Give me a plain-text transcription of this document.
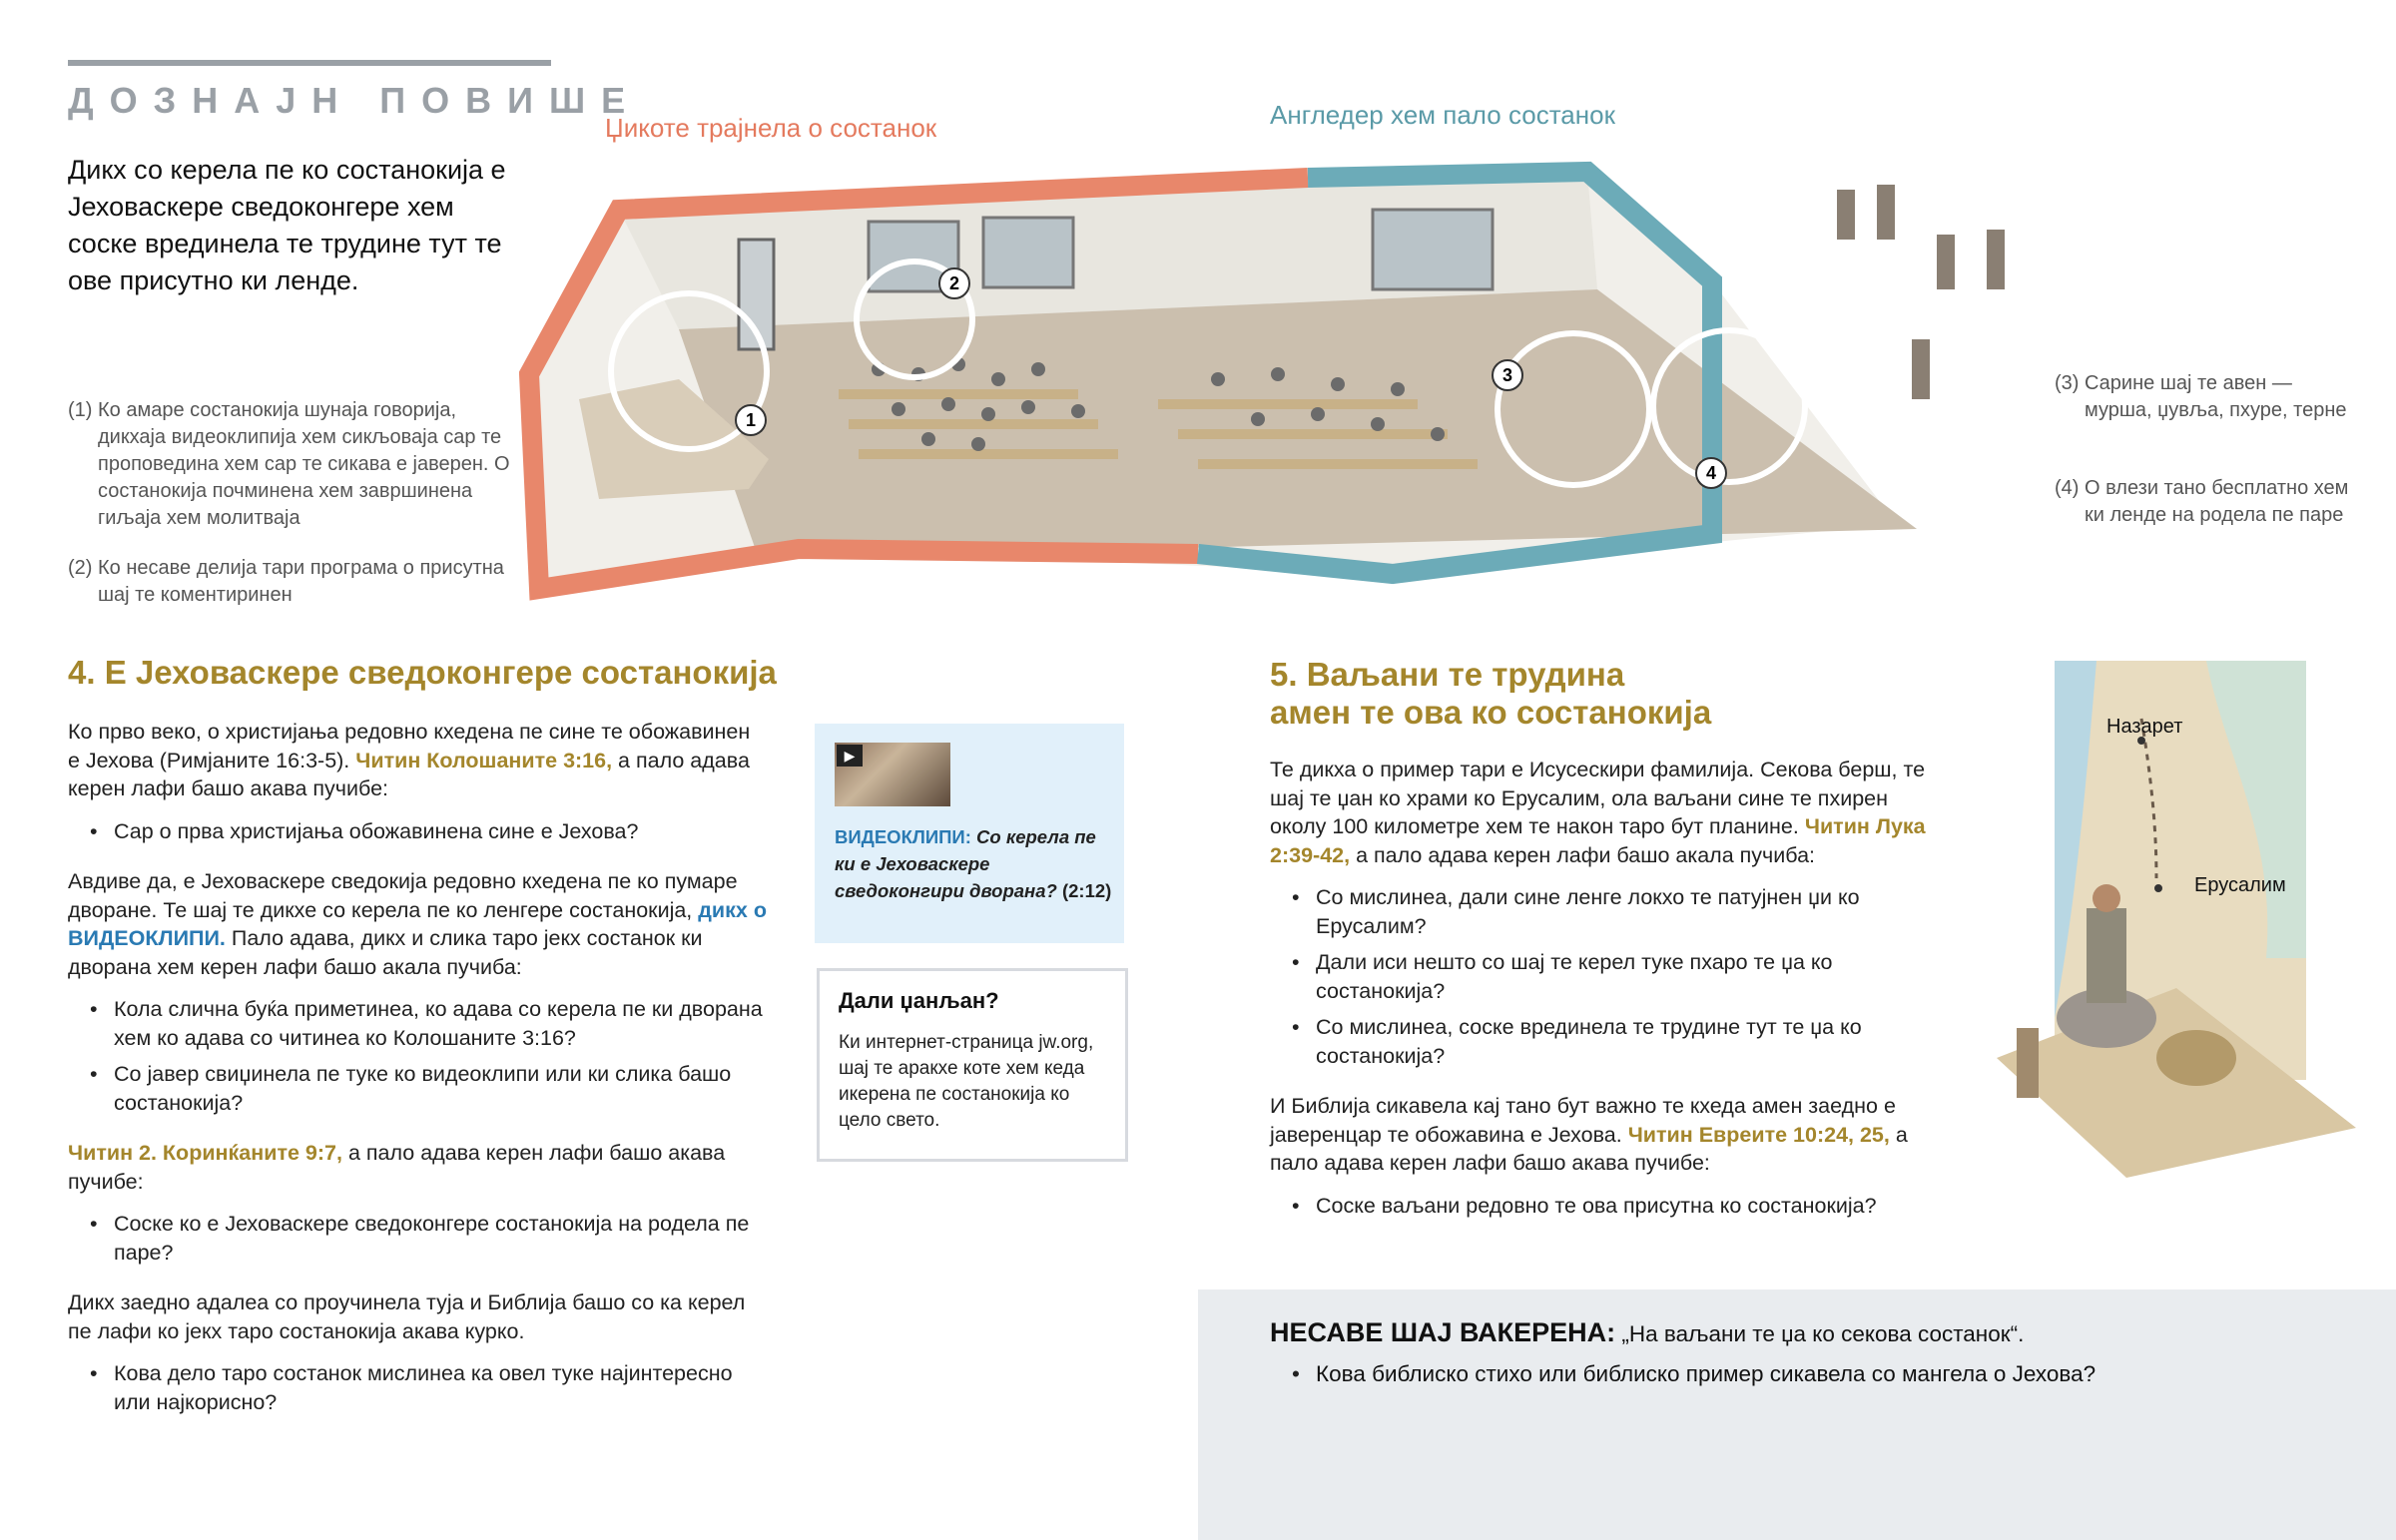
ДОЗНАЈН ПОВИШЕ
Дикх со керела пе ко состанокија е Јеховаскере сведоконгере хем соске врединела те трудине тут те ове присутно ки ленде.
Џикоте трајнела о состанок	Англедер хем пало состанок
1
2
3
4
(1) Ко амаре состанокија шунаја говорија, дикхаја видеоклипија хем сикљоваја сар те проповедина хем сар те сикава е јаверен. О состанокија почминена хем завршинена гиљаја хем молитваја
(2) Ко несаве делија тари програма о присутна шај те коментиринен
(3) Сарине шај те авен — мурша, џувља, пхуре, терне
(4) О влези тано бесплатно хем ки ленде на родела пе паре
4. Е Јеховаскере сведоконгере состанокија
Ко прво веко, о христијања редовно кхедена пе сине те обожавинен е Јехова (Римјаните 16:3-5). Читин Колошаните 3:16, а пало адава керен лафи башо акава пучибе:
• Сар о прва христијања обожавинена сине е Јехова?
Авдиве да, е Јеховаскере сведокија редовно кхедена пе ко пумаре дворане. Те шај те дикхе со керела пе ко ленгере состанокија, дикх о ВИДЕОКЛИПИ. Пало адава, дикх и слика таро јекх состанок ки дворана хем керен лафи башо акала пучиба:
• Кола слична буќа приметинеа, ко адава со керела пе ки дворана хем ко адава со читинеа ко Колошаните 3:16?
• Со јавер свиџинела пе туке ко видеоклипи или ки слика башо состанокија?
Читин 2. Коринќаните 9:7, а пало адава керен лафи башо акава пучибе:
• Соске ко е Јеховаскере сведоконгере состанокија на родела пе паре?
Дикх заедно адалеа со проучинела туја и Библија башо со ка керел пе лафи ко јекх таро состанокија акава курко.
• Кова дело таро состанок мислинеа ка овел туке најинтересно или најкорисно?
▶
ВИДЕОКЛИПИ: Со керела пе ки е Јеховаскере сведоконгири дворана? (2:12)
Дали џанљан?
Ки интернет-страница jw.org, шај те аракхе коте хем кеда икерена пе состанокија ко цело свето.
5. Ваљани те трудина
амен те ова ко состанокија
Те дикха о пример тари е Исусескири фамилија. Секова берш, те шај те џан ко храми ко Ерусалим, ола ваљани сине те пхирен околу 100 километре хем те након таро бут планине. Читин Лука 2:39-42, а пало адава керен лафи башо акала пучиба:
• Со мислинеа, дали сине ленге локхо те патујнен џи ко Ерусалим?
• Дали иси нешто со шај те керел туке пхаро те џа ко состанокија?
• Со мислинеа, соске врединела те трудине тут те џа ко состанокија?
И Библија сикавела кај тано бут важно те кхеда амен заедно е јаверенцар те обожавина е Јехова. Читин Евреите 10:24, 25, а пало адава керен лафи башо акава пучибе:
• Соске ваљани редовно те ова присутна ко состанокија?
Назарет
Ерусалим
НЕСАВЕ ШАЈ ВАКЕРЕНА: „На ваљани те џа ко секова состанок“.
• Кова библиско стихо или библиско пример сикавела со мангела о Јехова?
